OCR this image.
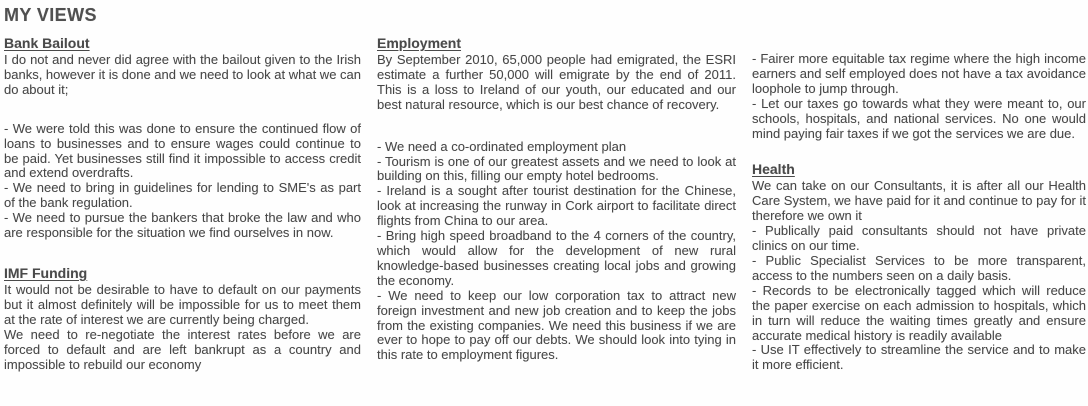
MY VIEWS
Bank Bailout

I do not and never did agree with the bailout given to the Irish banks, however it is done and we need to look at what we can do about it;

- We were told this was done to ensure the continued flow of loans to businesses and to ensure wages could continue to be paid. Yet businesses still find it impossible to access credit and extend overdrafts.

- We need to bring in guidelines for lending to SME's as part of the bank regulation.

- We need to pursue the bankers that broke the law and who are responsible for the situation we find ourselves in now.

IMF Funding

It would not be desirable to have to default on our payments but it almost definitely will be impossible for us to meet them at the rate of interest we are currently being charged.

We need to re-negotiate the interest rates before we are forced to default and are left bankrupt as a country and impossible to rebuild our economy

Employment

By September 2010, 65,000 people had emigrated, the ESRI estimate a further 50,000 will emigrate by the end of 2011. This is a loss to Ireland of our youth, our educated and our best natural resource, which is our best chance of recovery.

- We need a co-ordinated employment plan

- Tourism is one of our greatest assets and we need to look at building on this, filling our empty hotel bedrooms.

- Ireland is a sought after tourist destination for the Chinese, look at increasing the runway in Cork airport to facilitate direct flights from China to our area.

- Bring high speed broadband to the 4 corners of the country, which would allow for the development of new rural knowledge-based businesses creating local jobs and growing the economy.

- We need to keep our low corporation tax to attract new foreign investment and new job creation and to keep the jobs from the existing companies. We need this business if we are ever to hope to pay off our debts. We should look into tying in this rate to employment figures.

- Fairer more equitable tax regime where the high income earners and self employed does not have a tax avoidance loophole to jump through.

- Let our taxes go towards what they were meant to, our schools, hospitals, and national services. No one would mind paying fair taxes if we got the services we are due.

Health

We can take on our Consultants, it is after all our Health Care System, we have paid for it and continue to pay for it therefore we own it

- Publically paid consultants should not have private clinics on our time.

- Public Specialist Services to be more transparent, access to the numbers seen on a daily basis.

- Records to be electronically tagged which will reduce the paper exercise on each admission to hospitals, which in turn will reduce the waiting times greatly and ensure accurate medical history is readily available

- Use IT effectively to streamline the service and to make it more efficient.
